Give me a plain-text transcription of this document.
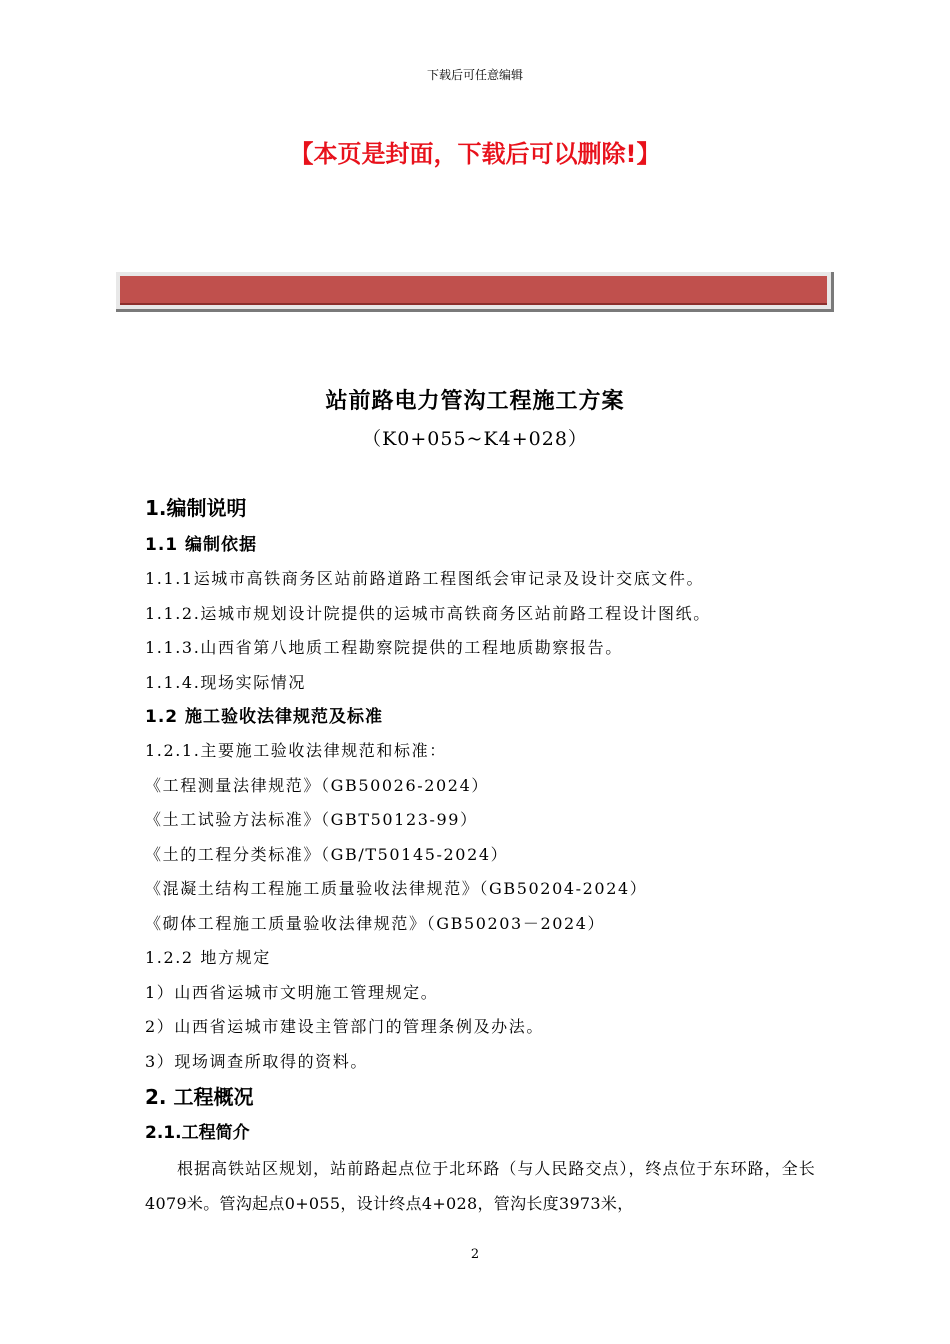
下载后可任意编辑
【本页是封面，下载后可以删除!】
站前路电力管沟工程施工方案
（K0+055~K4+028）
1.编制说明
1.1 编制依据
1.1.1运城市高铁商务区站前路道路工程图纸会审记录及设计交底文件。
1.1.2.运城市规划设计院提供的运城市高铁商务区站前路工程设计图纸。
1.1.3.山西省第八地质工程勘察院提供的工程地质勘察报告。
1.1.4.现场实际情况
1.2 施工验收法律规范及标准
1.2.1.主要施工验收法律规范和标准：
《工程测量法律规范》（GB50026-2024）
《土工试验方法标准》（GBT50123-99）
《土的工程分类标准》（GB/T50145-2024）
《混凝土结构工程施工质量验收法律规范》（GB50204-2024）
《砌体工程施工质量验收法律规范》（GB50203－2024）
1.2.2 地方规定
1）山西省运城市文明施工管理规定。
2）山西省运城市建设主管部门的管理条例及办法。
3）现场调查所取得的资料。
2. 工程概况
2.1.工程简介
根据高铁站区规划，站前路起点位于北环路（与人民路交点），终点位于东环路，全长4079米。管沟起点0+055，设计终点4+028，管沟长度3973米，
2
